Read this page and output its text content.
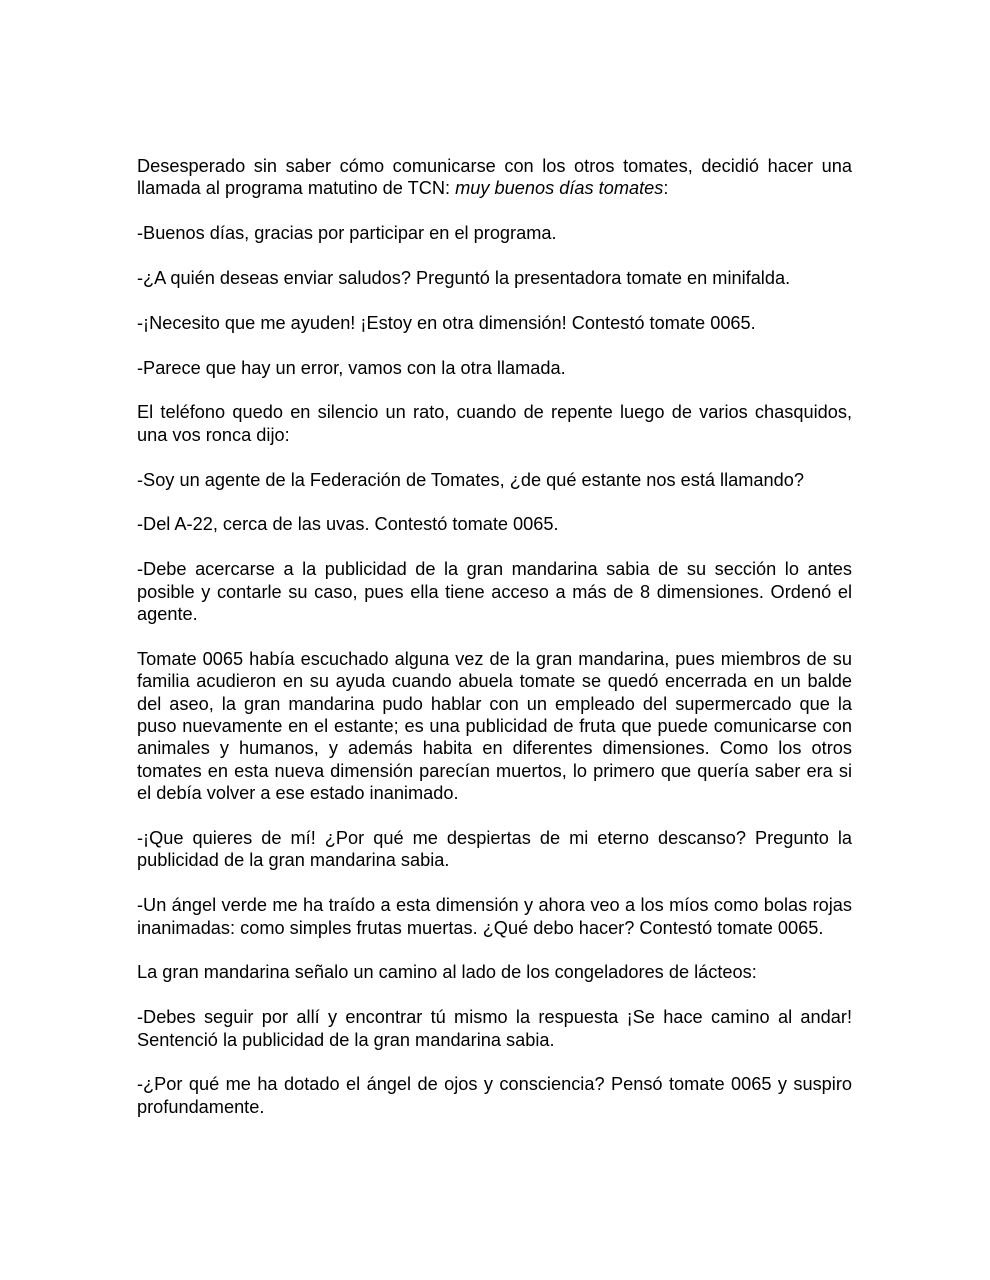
Desesperado sin saber cómo comunicarse con los otros tomates, decidió hacer una llamada al programa matutino de TCN: muy buenos días tomates:

-Buenos días, gracias por participar en el programa.

-¿A quién deseas enviar saludos? Preguntó la presentadora tomate en minifalda.

-¡Necesito que me ayuden! ¡Estoy en otra dimensión! Contestó tomate 0065.

-Parece que hay un error, vamos con la otra llamada.

El teléfono quedo en silencio un rato, cuando de repente luego de varios chasquidos, una vos ronca dijo:

-Soy un agente de la Federación de Tomates, ¿de qué estante nos está llamando?

-Del A-22, cerca de las uvas. Contestó tomate 0065.

-Debe acercarse a la publicidad de la gran mandarina sabia de su sección lo antes posible y contarle su caso, pues ella tiene acceso a más de 8 dimensiones. Ordenó el agente.

Tomate 0065 había escuchado alguna vez de la gran mandarina, pues miembros de su familia acudieron en su ayuda cuando abuela tomate se quedó encerrada en un balde del aseo, la gran mandarina pudo hablar con un empleado del supermercado que la puso nuevamente en el estante; es una publicidad de fruta que puede comunicarse con animales y humanos, y además habita en diferentes dimensiones. Como los otros tomates en esta nueva dimensión parecían muertos, lo primero que quería saber era si el debía volver a ese estado inanimado.

-¡Que quieres de mí! ¿Por qué me despiertas de mi eterno descanso? Pregunto la publicidad de la gran mandarina sabia.

-Un ángel verde me ha traído a esta dimensión y ahora veo a los míos como bolas rojas inanimadas: como simples frutas muertas. ¿Qué debo hacer? Contestó tomate 0065.

La gran mandarina señalo un camino al lado de los congeladores de lácteos:

-Debes seguir por allí y encontrar tú mismo la respuesta ¡Se hace camino al andar! Sentenció la publicidad de la gran mandarina sabia.

-¿Por qué me ha dotado el ángel de ojos y consciencia? Pensó tomate 0065 y suspiro profundamente.
